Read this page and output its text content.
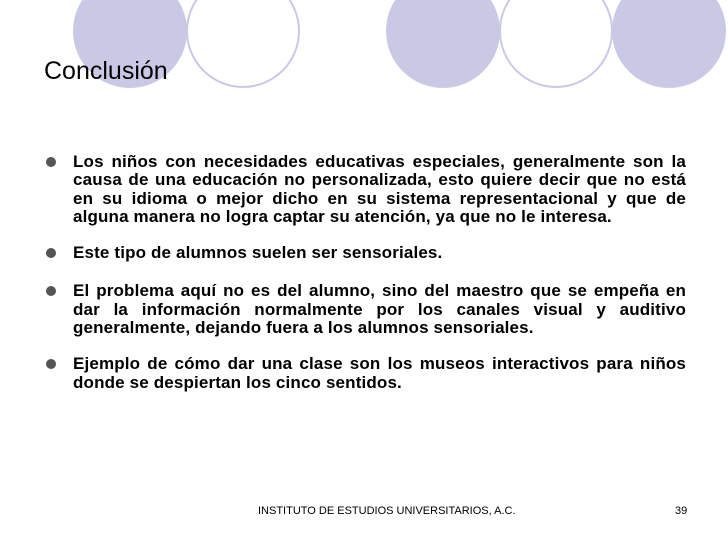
Conclusión
Los niños con necesidades educativas especiales, generalmente son la causa de una educación no personalizada, esto quiere decir que no está en su idioma o mejor dicho en su sistema representacional y que de alguna manera no logra captar su atención, ya que no le interesa.
Este tipo de alumnos suelen ser sensoriales.
El problema aquí no es del alumno, sino del maestro que se empeña en dar la información normalmente por los canales visual y auditivo generalmente, dejando fuera a los alumnos sensoriales.
Ejemplo de cómo dar una clase son los museos interactivos para niños donde se despiertan los cinco sentidos.
INSTITUTO DE ESTUDIOS UNIVERSITARIOS, A.C.	39
